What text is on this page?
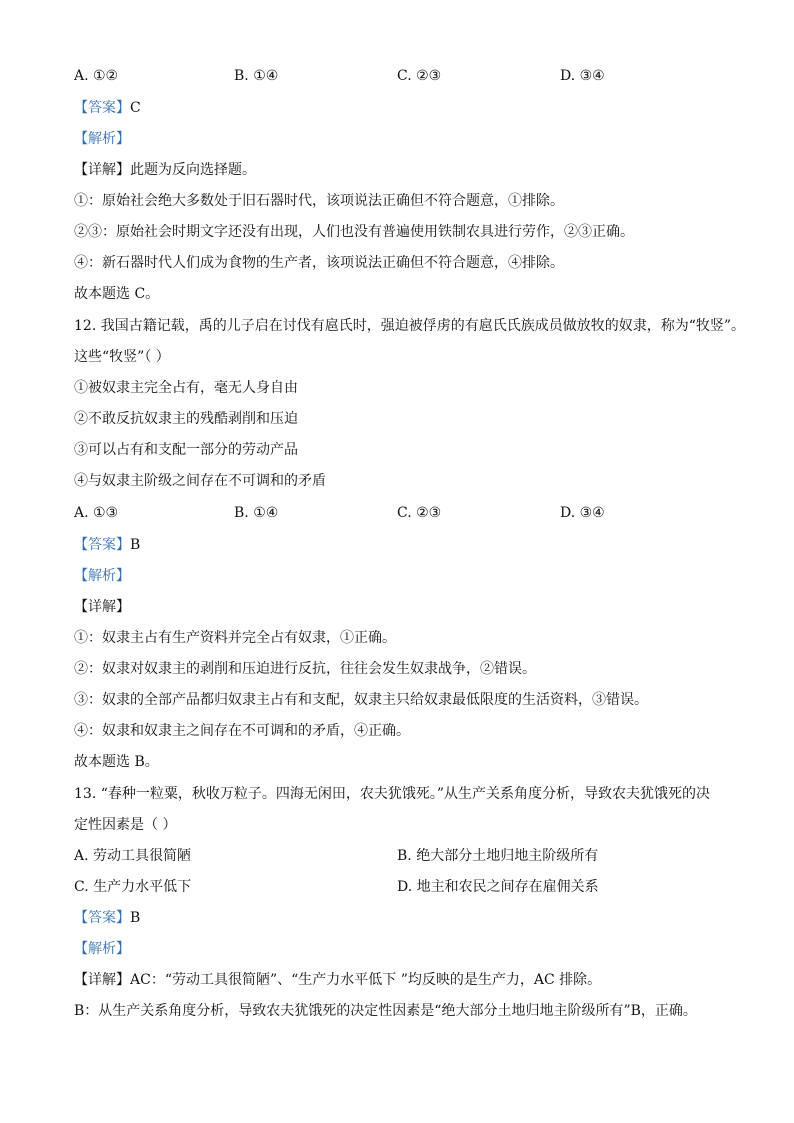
A. ①②	B. ①④	C. ②③	D. ③④
【答案】C
【解析】
【详解】此题为反向选择题。
①：原始社会绝大多数处于旧石器时代，该项说法正确但不符合题意，①排除。
②③：原始社会时期文字还没有出现，人们也没有普遍使用铁制农具进行劳作，②③正确。
④：新石器时代人们成为食物的生产者，该项说法正确但不符合题意，④排除。
故本题选 C。
12. 我国古籍记载，禹的儿子启在讨伐有扈氏时，强迫被俘虏的有扈氏氏族成员做放牧的奴隶，称为“牧竖”。
这些“牧竖”（ ）
①被奴隶主完全占有，毫无人身自由
②不敢反抗奴隶主的残酷剥削和压迫
③可以占有和支配一部分的劳动产品
④与奴隶主阶级之间存在不可调和的矛盾
A. ①③	B. ①④	C. ②③	D. ③④
【答案】B
【解析】
【详解】
①：奴隶主占有生产资料并完全占有奴隶，①正确。
②：奴隶对奴隶主的剥削和压迫进行反抗，往往会发生奴隶战争，②错误。
③：奴隶的全部产品都归奴隶主占有和支配，奴隶主只给奴隶最低限度的生活资料，③错误。
④：奴隶和奴隶主之间存在不可调和的矛盾，④正确。
故本题选 B。
13. “春种一粒粟，秋收万粒子。四海无闲田，农夫犹饿死。”从生产关系角度分析，导致农夫犹饿死的决
定性因素是（ ）
A. 劳动工具很简陋	B. 绝大部分土地归地主阶级所有
C. 生产力水平低下	D. 地主和农民之间存在雇佣关系
【答案】B
【解析】
【详解】AC：“劳动工具很简陋”、“生产力水平低下 ”均反映的是生产力，AC 排除。
B：从生产关系角度分析，导致农夫犹饿死的决定性因素是“绝大部分土地归地主阶级所有”B，正确。
